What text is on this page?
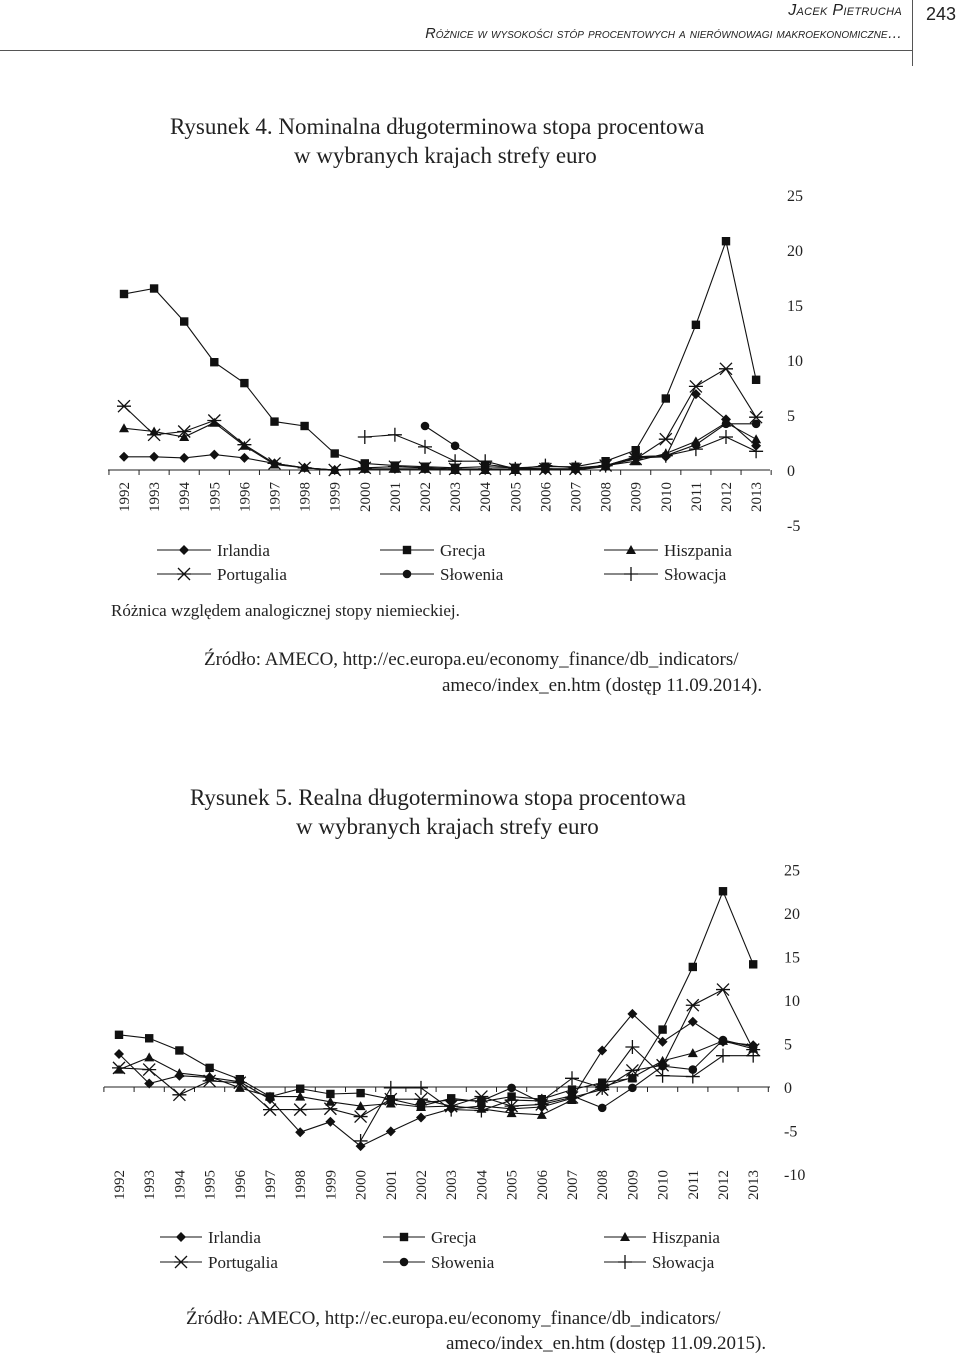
Jacek Pietrucha
Różnice w wysokości stóp procentowych a nierównowagi makroekonomiczne…
243
Rysunek 4. Nominalna długoterminowa stopa procentowa
w wybranych krajach strefy euro
25
20
15
10
5
0
-5
1992 1993 1994 1995 1996 1997 1998 1999 2000 2001 2002 2003 2004 2005 2006 2007 2008 2009 2010 2011 2012 2013
Irlandia	Grecja	Hiszpania
Portugalia	Słowenia	Słowacja
Różnica względem analogicznej stopy niemieckiej.
Źródło: AMECO, http://ec.europa.eu/economy_finance/db_indicators/
ameco/index_en.htm (dostęp 11.09.2014).
Rysunek 5. Realna długoterminowa stopa procentowa
w wybranych krajach strefy euro
25
20
15
10
5
0
-5
-10
1992 1993 1994 1995 1996 1997 1998 1999 2000 2001 2002 2003 2004 2005 2006 2007 2008 2009 2010 2011 2012 2013
Irlandia	Grecja	Hiszpania
Portugalia	Słowenia	Słowacja
Źródło: AMECO, http://ec.europa.eu/economy_finance/db_indicators/
ameco/index_en.htm (dostęp 11.09.2015).
